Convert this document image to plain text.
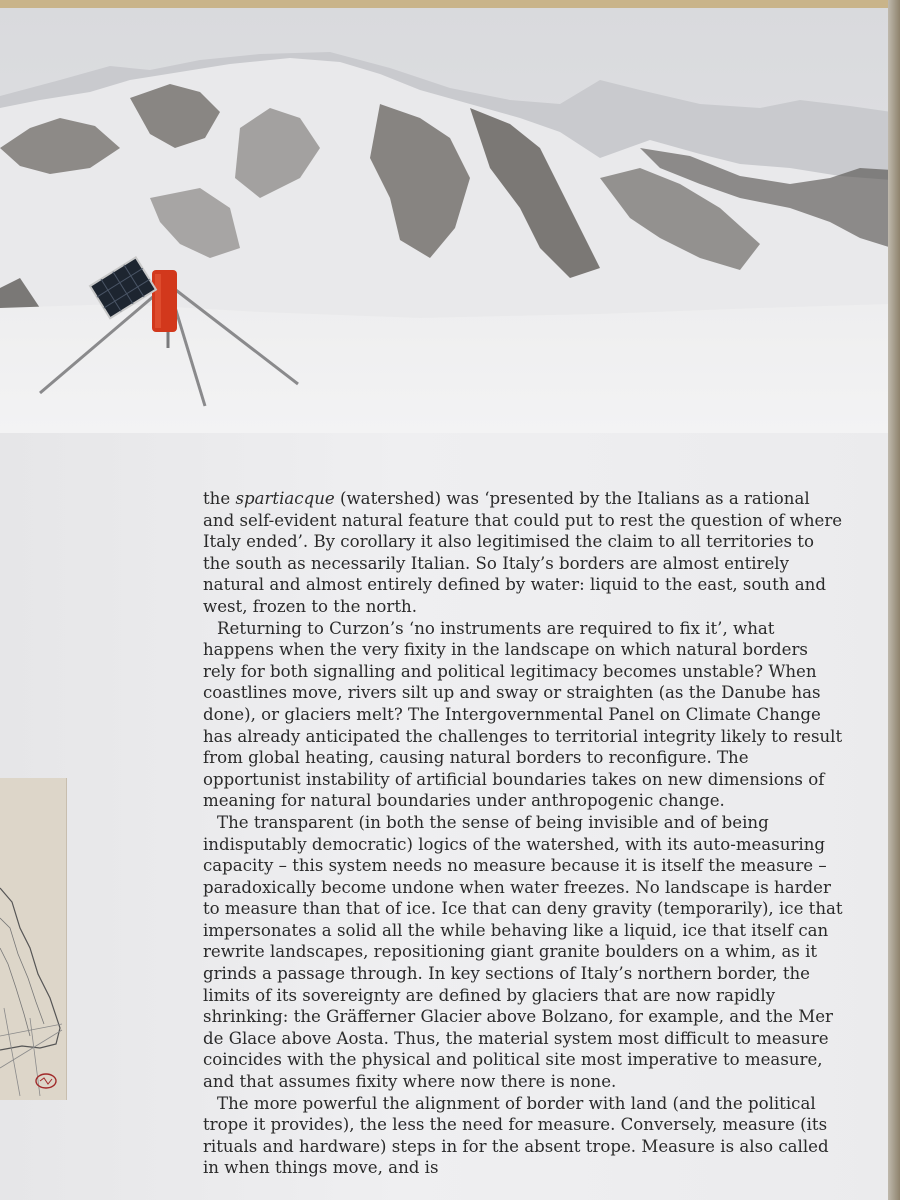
the spartiacque (watershed) was ‘presented by the Italians as a rational and self-evident natural feature that could put to rest the question of where Italy ended’. By corollary it also legitimised the claim to all territories to the south as necessarily Italian. So Italy’s borders are almost entirely natural and almost entirely defined by water: liquid to the east, south and west, frozen to the north.

Returning to Curzon’s ‘no instruments are required to fix it’, what happens when the very fixity in the landscape on which natural borders rely for both signalling and political legitimacy becomes unstable? When coastlines move, rivers silt up and sway or straighten (as the Danube has done), or glaciers melt? The Intergovernmental Panel on Climate Change has already anticipated the challenges to territorial integrity likely to result from global heating, causing natural borders to reconfigure. The opportunist instability of artificial boundaries takes on new dimensions of meaning for natural boundaries under anthropogenic change.

The transparent (in both the sense of being invisible and of being indisputably democratic) logics of the watershed, with its auto-measuring capacity – this system needs no measure because it is itself the measure – paradoxically become undone when water freezes. No landscape is harder to measure than that of ice. Ice that can deny gravity (temporarily), ice that impersonates a solid all the while behaving like a liquid, ice that itself can rewrite landscapes, repositioning giant granite boulders on a whim, as it grinds a passage through. In key sections of Italy’s northern border, the limits of its sovereignty are defined by glaciers that are now rapidly shrinking: the Gräfferner Glacier above Bolzano, for example, and the Mer de Glace above Aosta. Thus, the material system most difficult to measure coincides with the physical and political site most imperative to measure, and that assumes fixity where now there is none.

The more powerful the alignment of border with land (and the political trope it provides), the less the need for measure. Conversely, measure (its rituals and hardware) steps in for the absent trope. Measure is also called in when things move, and is
